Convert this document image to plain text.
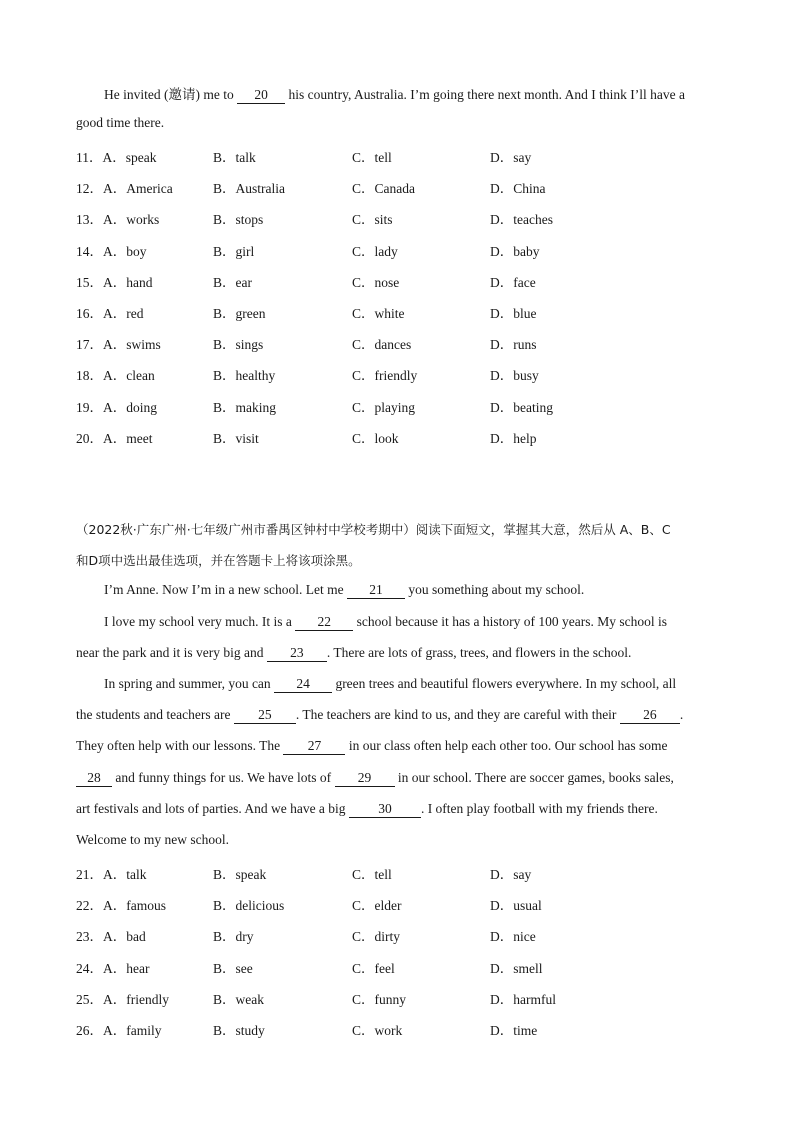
He invited (邀请) me to 20 his country, Australia. I’m going there next month. And I think I’ll have a
good time there.
11．A．speak	B．talk	C．tell	D．say
12．A．America	B．Australia	C．Canada	D．China
13．A．works	B．stops	C．sits	D．teaches
14．A．boy	B．girl	C．lady	D．baby
15．A．hand	B．ear	C．nose	D．face
16．A．red	B．green	C．white	D．blue
17．A．swims	B．sings	C．dances	D．runs
18．A．clean	B．healthy	C．friendly	D．busy
19．A．doing	B．making	C．playing	D．beating
20．A．meet	B．visit	C．look	D．help
（2022秋·广东广州·七年级广州市番禺区钟村中学校考期中）阅读下面短文，掌握其大意，然后从 A、B、C
和D项中选出最佳选项，并在答题卡上将该项涂黑。
I’m Anne. Now I’m in a new school. Let me 21 you something about my school.
I love my school very much. It is a 22 school because it has a history of 100 years. My school is
near the park and it is very big and 23 . There are lots of grass, trees, and flowers in the school.
In spring and summer, you can 24 green trees and beautiful flowers everywhere. In my school, all
the students and teachers are 25 . The teachers are kind to us, and they are careful with their 26 .
They often help with our lessons. The 27 in our class often help each other too. Our school has some
28 and funny things for us. We have lots of 29 in our school. There are soccer games, books sales,
art festivals and lots of parties. And we have a big 30 . I often play football with my friends there.
Welcome to my new school.
21．A．talk	B．speak	C．tell	D．say
22．A．famous	B．delicious	C．elder	D．usual
23．A．bad	B．dry	C．dirty	D．nice
24．A．hear	B．see	C．feel	D．smell
25．A．friendly	B．weak	C．funny	D．harmful
26．A．family	B．study	C．work	D．time
